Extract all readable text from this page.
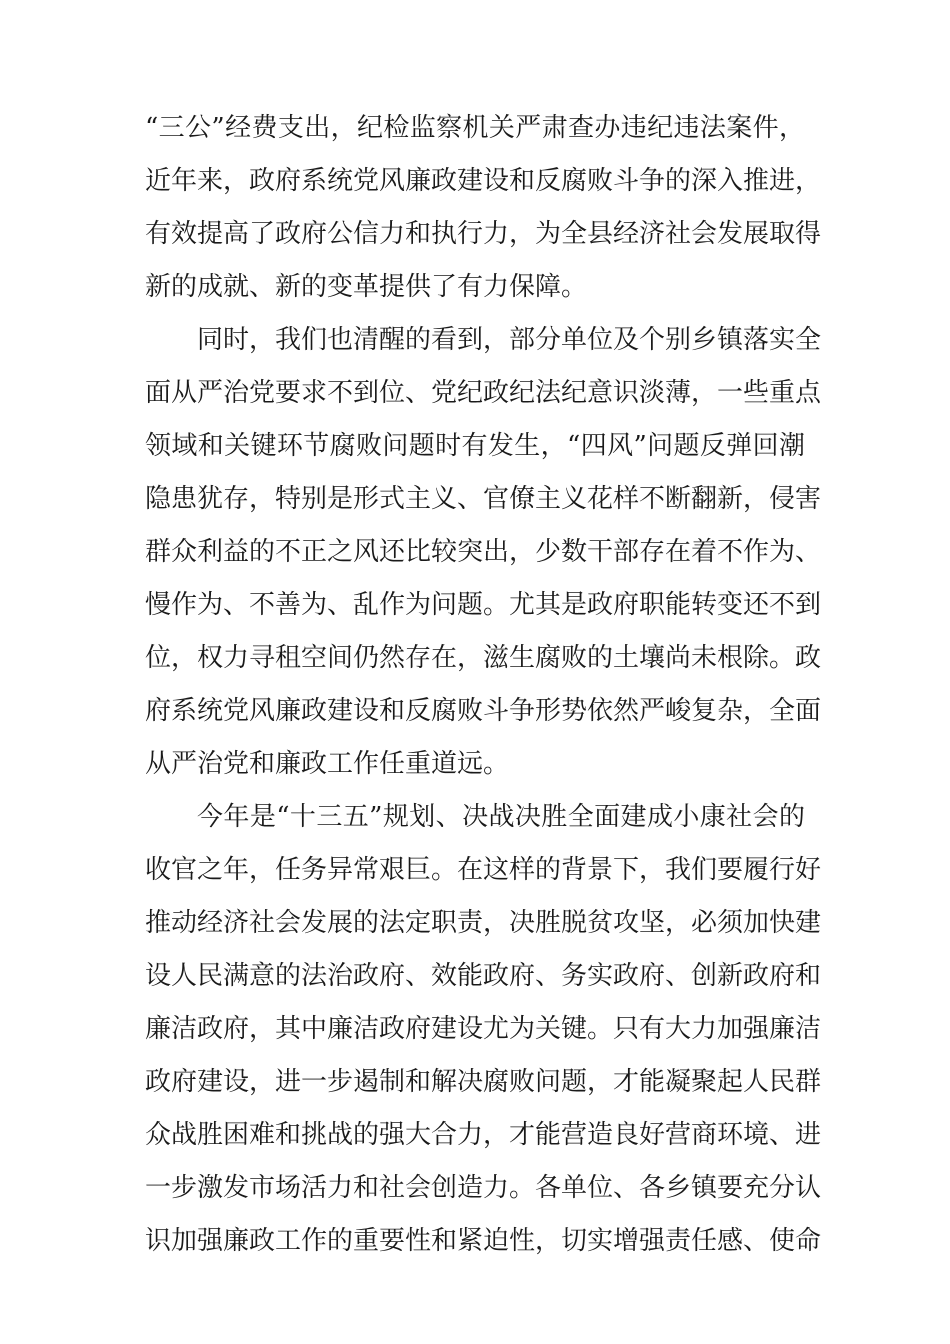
“三公”经费支出，纪检监察机关严肃查办违纪违法案件，
近年来，政府系统党风廉政建设和反腐败斗争的深入推进，
有效提高了政府公信力和执行力，为全县经济社会发展取得
新的成就、新的变革提供了有力保障。
同时，我们也清醒的看到，部分单位及个别乡镇落实全
面从严治党要求不到位、党纪政纪法纪意识淡薄，一些重点
领域和关键环节腐败问题时有发生，“四风”问题反弹回潮
隐患犹存，特别是形式主义、官僚主义花样不断翻新，侵害
群众利益的不正之风还比较突出，少数干部存在着不作为、
慢作为、不善为、乱作为问题。尤其是政府职能转变还不到
位，权力寻租空间仍然存在，滋生腐败的土壤尚未根除。政
府系统党风廉政建设和反腐败斗争形势依然严峻复杂，全面
从严治党和廉政工作任重道远。
今年是“十三五”规划、决战决胜全面建成小康社会的
收官之年，任务异常艰巨。在这样的背景下，我们要履行好
推动经济社会发展的法定职责，决胜脱贫攻坚，必须加快建
设人民满意的法治政府、效能政府、务实政府、创新政府和
廉洁政府，其中廉洁政府建设尤为关键。只有大力加强廉洁
政府建设，进一步遏制和解决腐败问题，才能凝聚起人民群
众战胜困难和挑战的强大合力，才能营造良好营商环境、进
一步激发市场活力和社会创造力。各单位、各乡镇要充分认
识加强廉政工作的重要性和紧迫性，切实增强责任感、使命
